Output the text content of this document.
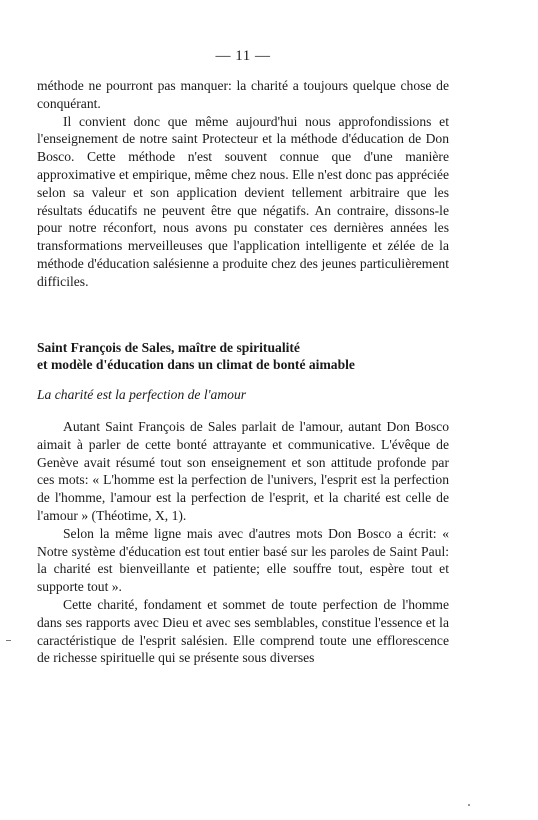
— 11 —

méthode ne pourront pas manquer: la charité a toujours quelque chose de conquérant.

Il convient donc que même aujourd'hui nous approfondissions et l'enseignement de notre saint Protecteur et la méthode d'éducation de Don Bosco. Cette méthode n'est souvent connue que d'une manière approximative et empirique, même chez nous. Elle n'est donc pas appréciée selon sa valeur et son application devient tellement arbitraire que les résultats éducatifs ne peuvent être que négatifs. An contraire, dissons-le pour notre réconfort, nous avons pu constater ces dernières années les transformations merveilleuses que l'application intelligente et zélée de la méthode d'éducation salésienne a produite chez des jeunes particulièrement difficiles.

Saint François de Sales, maître de spiritualité
et modèle d'éducation dans un climat de bonté aimable
La charité est la perfection de l'amour

Autant Saint François de Sales parlait de l'amour, autant Don Bosco aimait à parler de cette bonté attrayante et communicative. L'évêque de Genève avait résumé tout son enseignement et son attitude profonde par ces mots: « L'homme est la perfection de l'univers, l'esprit est la perfection de l'homme, l'amour est la perfection de l'esprit, et la charité est celle de l'amour » (Théotime, X, 1).

Selon la même ligne mais avec d'autres mots Don Bosco a écrit: « Notre système d'éducation est tout entier basé sur les paroles de Saint Paul: la charité est bienveillante et patiente; elle souffre tout, espère tout et supporte tout ».

Cette charité, fondament et sommet de toute perfection de l'homme dans ses rapports avec Dieu et avec ses semblables, constitue l'essence et la caractéristique de l'esprit salésien. Elle comprend toute une efflorescence de richesse spirituelle qui se présente sous diverses
